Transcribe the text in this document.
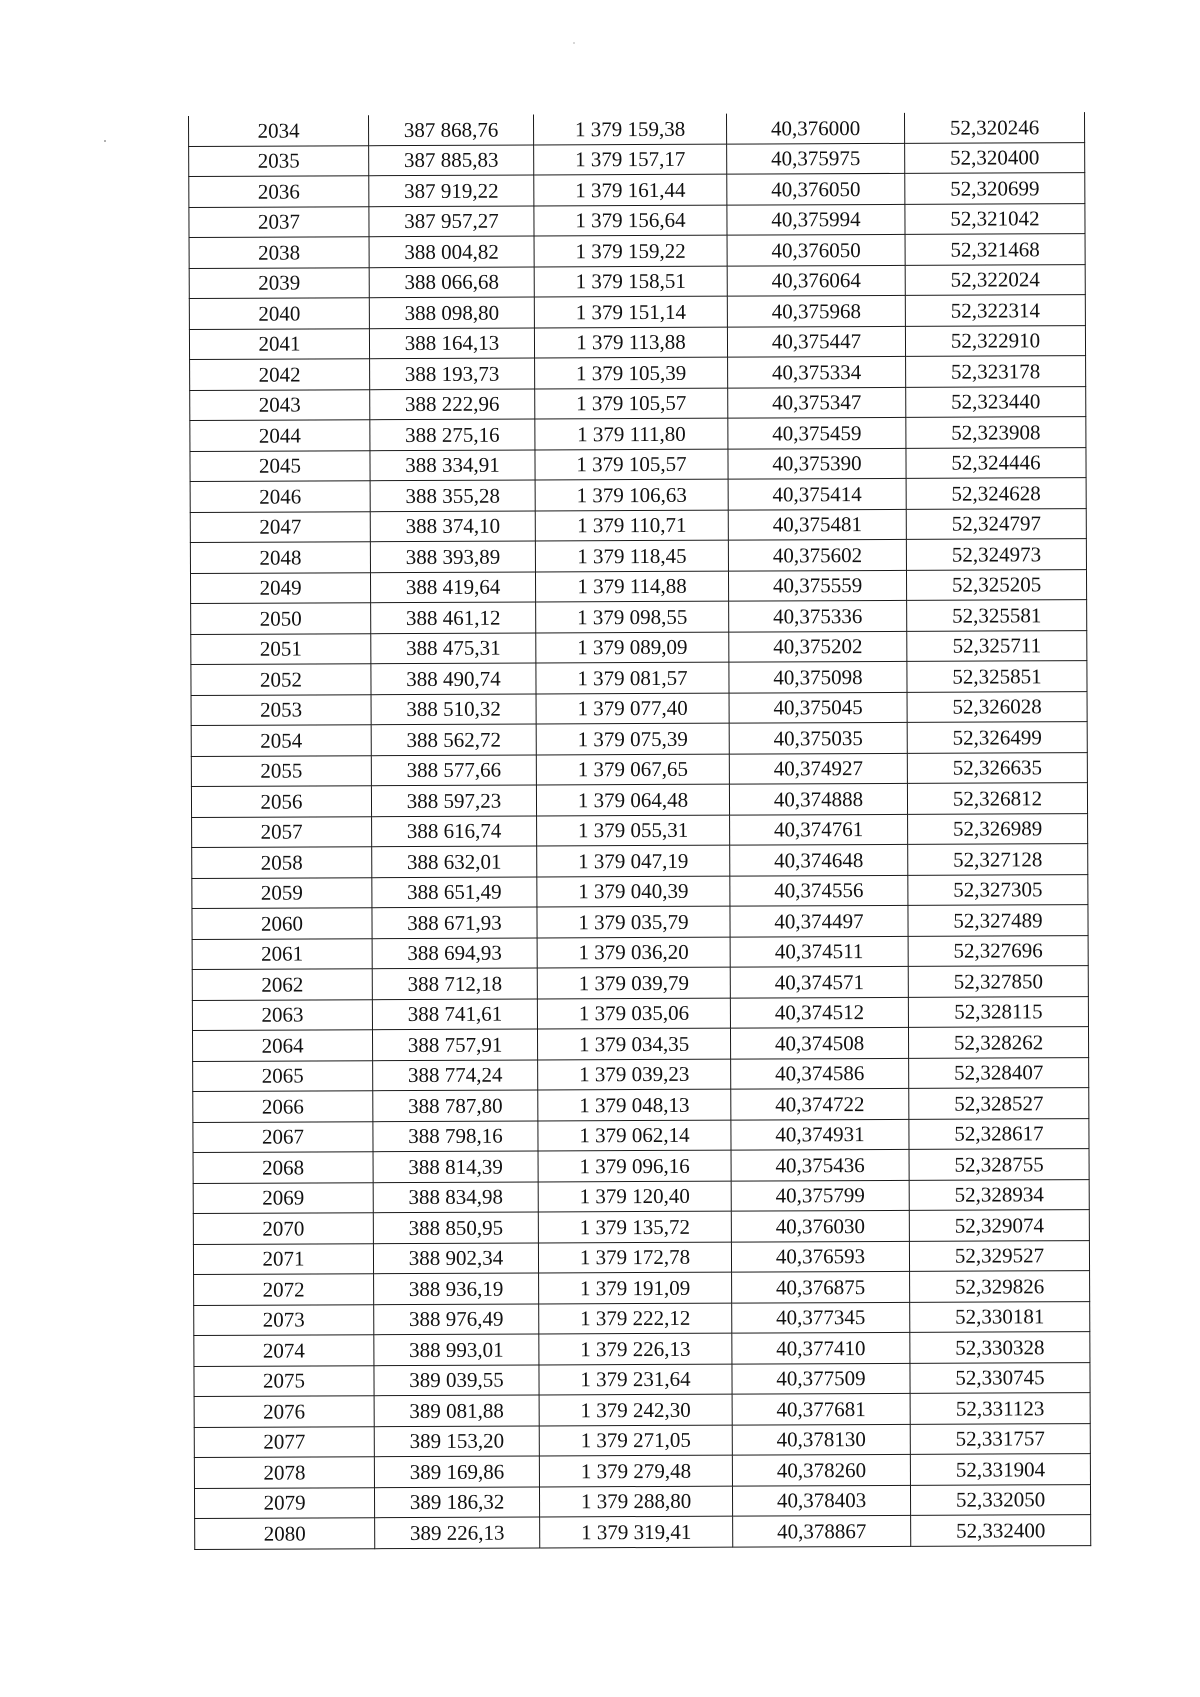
2034	387 868,76	1 379 159,38	40,376000	52,320246
2035	387 885,83	1 379 157,17	40,375975	52,320400
2036	387 919,22	1 379 161,44	40,376050	52,320699
2037	387 957,27	1 379 156,64	40,375994	52,321042
2038	388 004,82	1 379 159,22	40,376050	52,321468
2039	388 066,68	1 379 158,51	40,376064	52,322024
2040	388 098,80	1 379 151,14	40,375968	52,322314
2041	388 164,13	1 379 113,88	40,375447	52,322910
2042	388 193,73	1 379 105,39	40,375334	52,323178
2043	388 222,96	1 379 105,57	40,375347	52,323440
2044	388 275,16	1 379 111,80	40,375459	52,323908
2045	388 334,91	1 379 105,57	40,375390	52,324446
2046	388 355,28	1 379 106,63	40,375414	52,324628
2047	388 374,10	1 379 110,71	40,375481	52,324797
2048	388 393,89	1 379 118,45	40,375602	52,324973
2049	388 419,64	1 379 114,88	40,375559	52,325205
2050	388 461,12	1 379 098,55	40,375336	52,325581
2051	388 475,31	1 379 089,09	40,375202	52,325711
2052	388 490,74	1 379 081,57	40,375098	52,325851
2053	388 510,32	1 379 077,40	40,375045	52,326028
2054	388 562,72	1 379 075,39	40,375035	52,326499
2055	388 577,66	1 379 067,65	40,374927	52,326635
2056	388 597,23	1 379 064,48	40,374888	52,326812
2057	388 616,74	1 379 055,31	40,374761	52,326989
2058	388 632,01	1 379 047,19	40,374648	52,327128
2059	388 651,49	1 379 040,39	40,374556	52,327305
2060	388 671,93	1 379 035,79	40,374497	52,327489
2061	388 694,93	1 379 036,20	40,374511	52,327696
2062	388 712,18	1 379 039,79	40,374571	52,327850
2063	388 741,61	1 379 035,06	40,374512	52,328115
2064	388 757,91	1 379 034,35	40,374508	52,328262
2065	388 774,24	1 379 039,23	40,374586	52,328407
2066	388 787,80	1 379 048,13	40,374722	52,328527
2067	388 798,16	1 379 062,14	40,374931	52,328617
2068	388 814,39	1 379 096,16	40,375436	52,328755
2069	388 834,98	1 379 120,40	40,375799	52,328934
2070	388 850,95	1 379 135,72	40,376030	52,329074
2071	388 902,34	1 379 172,78	40,376593	52,329527
2072	388 936,19	1 379 191,09	40,376875	52,329826
2073	388 976,49	1 379 222,12	40,377345	52,330181
2074	388 993,01	1 379 226,13	40,377410	52,330328
2075	389 039,55	1 379 231,64	40,377509	52,330745
2076	389 081,88	1 379 242,30	40,377681	52,331123
2077	389 153,20	1 379 271,05	40,378130	52,331757
2078	389 169,86	1 379 279,48	40,378260	52,331904
2079	389 186,32	1 379 288,80	40,378403	52,332050
2080	389 226,13	1 379 319,41	40,378867	52,332400
